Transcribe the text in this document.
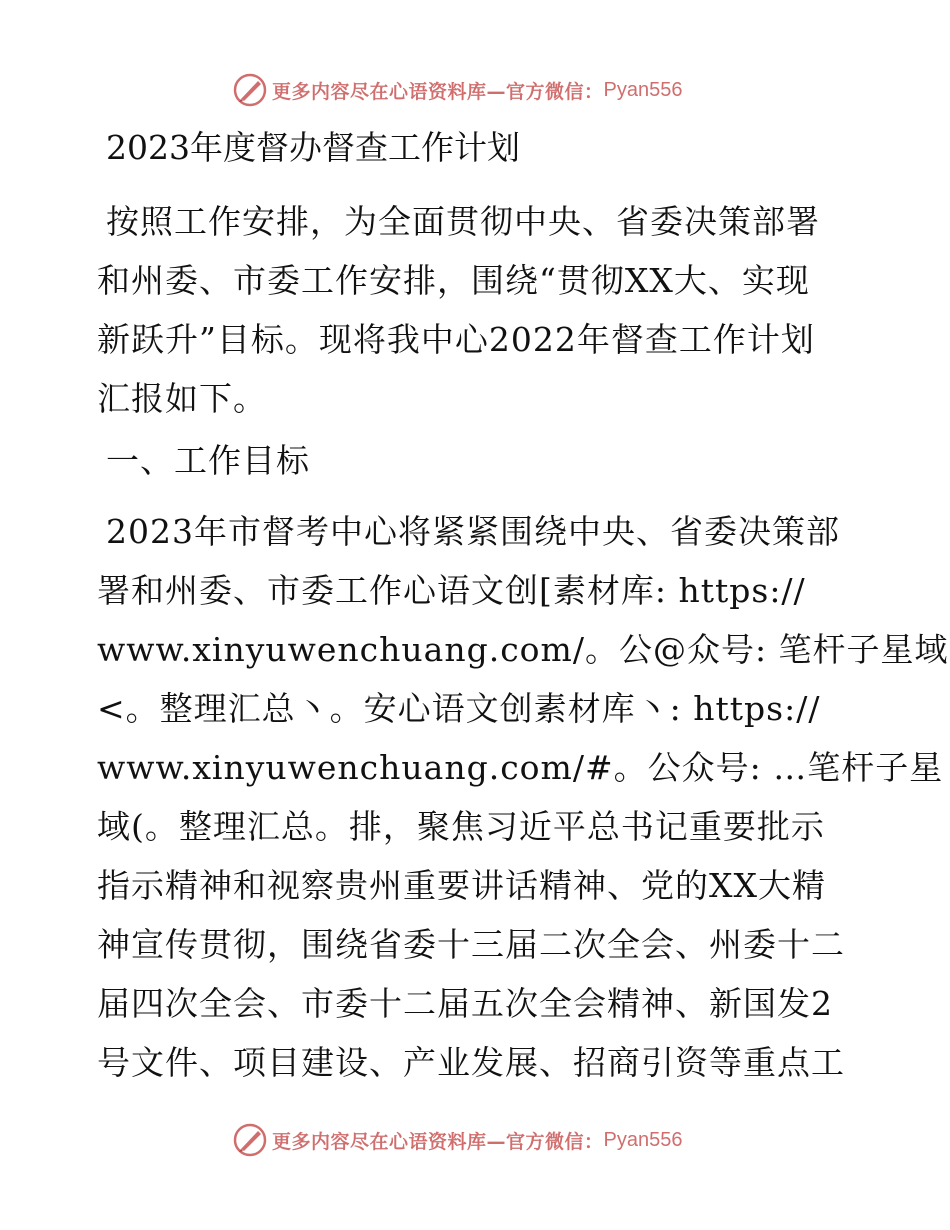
更多内容尽在心语资料库—官方微信： Pyan556
2023年度督办督查工作计划
按照工作安排，为全面贯彻中央、省委决策部署
和州委、市委工作安排，围绕“贯彻XX大、实现
新跃升”目标。现将我中心2022年督查工作计划
汇报如下。
一、工作目标
2023年市督考中心将紧紧围绕中央、省委决策部
署和州委、市委工作心语文创[素材库: https://
www.xinyuwenchuang.com/。公@众号: 笔杆子星域
<。整理汇总丶。安心语文创素材库丶: https://
www.xinyuwenchuang.com/#。公众号: …笔杆子星
域(。整理汇总。排，聚焦习近平总书记重要批示
指示精神和视察贵州重要讲话精神、党的XX大精
神宣传贯彻，围绕省委十三届二次全会、州委十二
届四次全会、市委十二届五次全会精神、新国发2
号文件、项目建设、产业发展、招商引资等重点工
更多内容尽在心语资料库—官方微信： Pyan556
